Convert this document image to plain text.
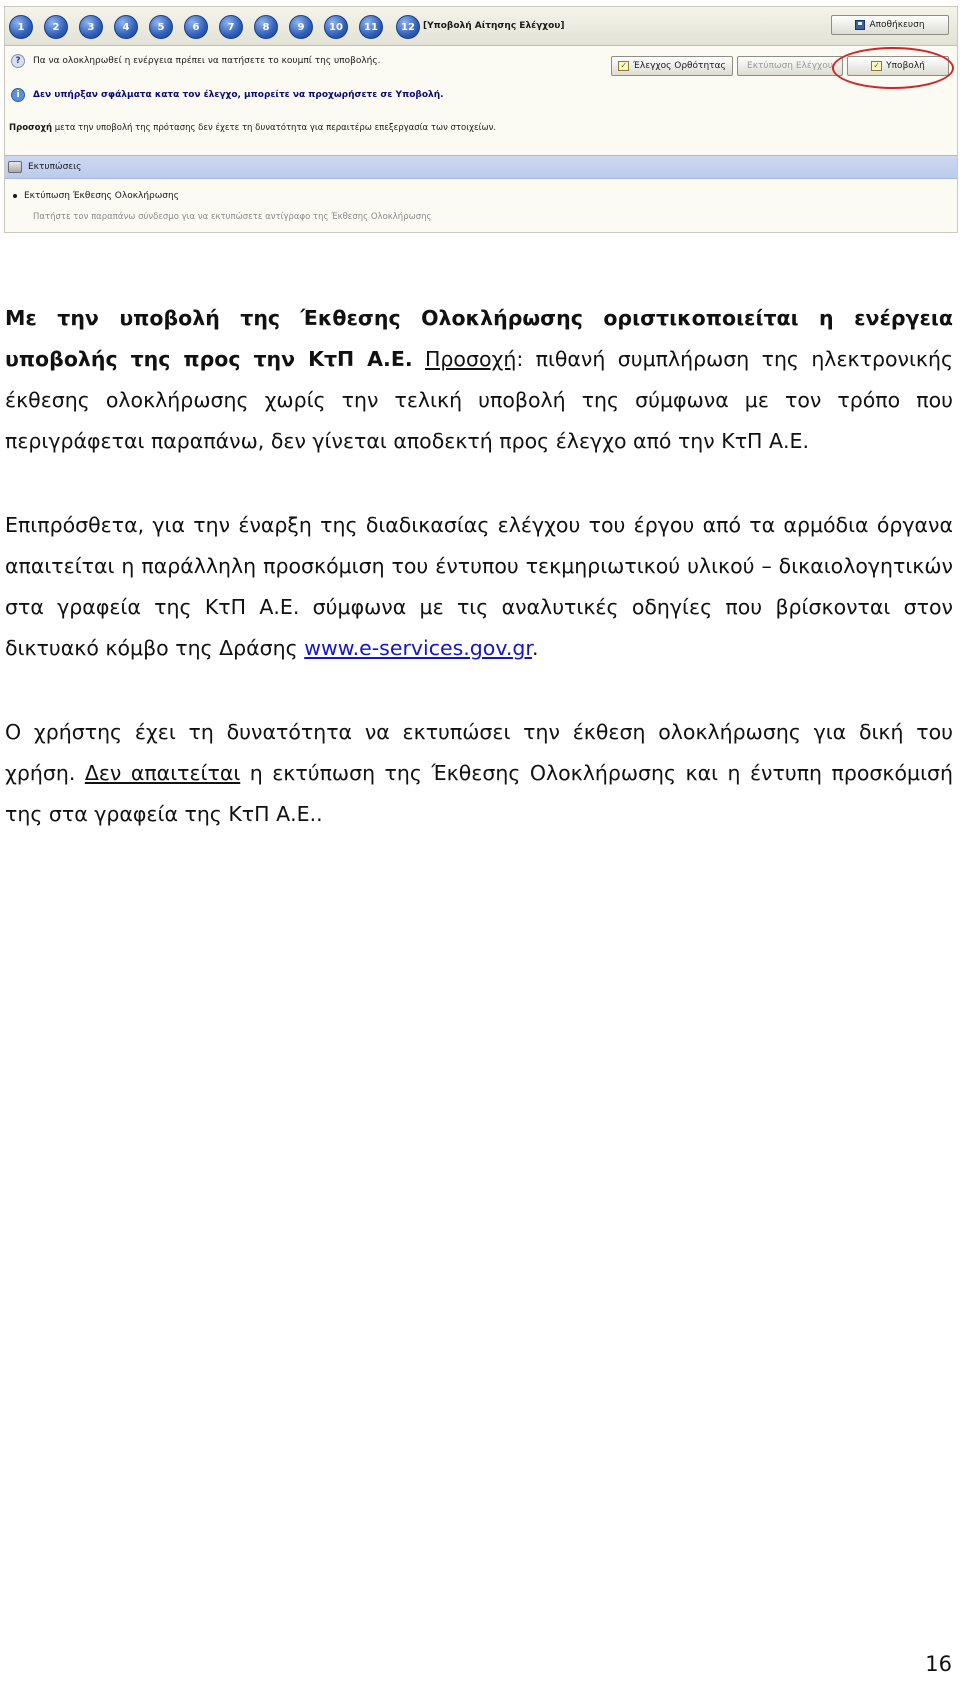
1	2	3	4	5	6	7	8	9	10	11	12 [Υποβολή Αίτησης Ελέγχου]	Αποθήκευση
?	Πα να ολοκληρωθεί η ενέργεια πρέπει να πατήσετε το κουμπί της υποβολής.	✓ Έλεγχος Ορθότητας Εκτύπωση Ελέγχου	✓ Υποβολή
i	Δεν υπήρξαν σφάλματα κατα τον έλεγχο, μπορείτε να προχωρήσετε σε Υποβολή.
Προσοχή μετα την υποβολή της πρότασης δεν έχετε τη δυνατότητα για περαιτέρω επεξεργασία των στοιχείων.
Εκτυπώσεις
Εκτύπωση Έκθεσης Ολοκλήρωσης
Πατήστε τον παραπάνω σύνδεσμο για να εκτυπώσετε αντίγραφο της Έκθεσης Ολοκλήρωσης

Με την υποβολή της Έκθεσης Ολοκλήρωσης οριστικοποιείται η ενέργεια υποβολής της προς την ΚτΠ Α.Ε. Προσοχή: πιθανή συμπλήρωση της ηλεκτρονικής έκθεσης ολοκλήρωσης χωρίς την τελική υποβολή της σύμφωνα με τον τρόπο που περιγράφεται παραπάνω, δεν γίνεται αποδεκτή προς έλεγχο από την ΚτΠ Α.Ε.

Επιπρόσθετα, για την έναρξη της διαδικασίας ελέγχου του έργου από τα αρμόδια όργανα απαιτείται η παράλληλη προσκόμιση του έντυπου τεκμηριωτικού υλικού – δικαιολογητικών στα γραφεία της ΚτΠ Α.Ε. σύμφωνα με τις αναλυτικές οδηγίες που βρίσκονται στον δικτυακό κόμβο της Δράσης www.e-services.gov.gr.

Ο χρήστης έχει τη δυνατότητα να εκτυπώσει την έκθεση ολοκλήρωσης για δική του χρήση. Δεν απαιτείται η εκτύπωση της Έκθεσης Ολοκλήρωσης και η έντυπη προσκόμισή της στα γραφεία της ΚτΠ Α.Ε..

16
